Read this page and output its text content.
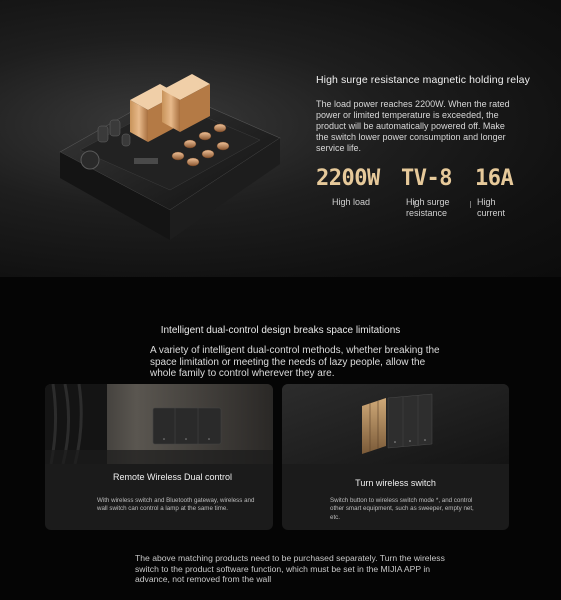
High surge resistance magnetic holding relay
The load power reaches 2200W. When the rated power or limited temperature is exceeded, the product will be automatically powered off. Make the switch lower power consumption and longer service life.
2200W
High load
TV-8
High surge resistance
16A
High current
Intelligent dual-control design breaks space limitations
A variety of intelligent dual-control methods, whether breaking the space limitation or meeting the needs of lazy people, allow the whole family to control wherever they are.
Remote Wireless Dual control
With wireless switch and Bluetooth gateway, wireless and wall switch can control a lamp at the same time.
Turn wireless switch
Switch button to wireless switch mode *, and control other smart equipment, such as sweeper, empty net, etc.
The above matching products need to be purchased separately. Turn the wireless switch to the product software function, which must be set in the MIJIA APP in advance, not removed from the wall
